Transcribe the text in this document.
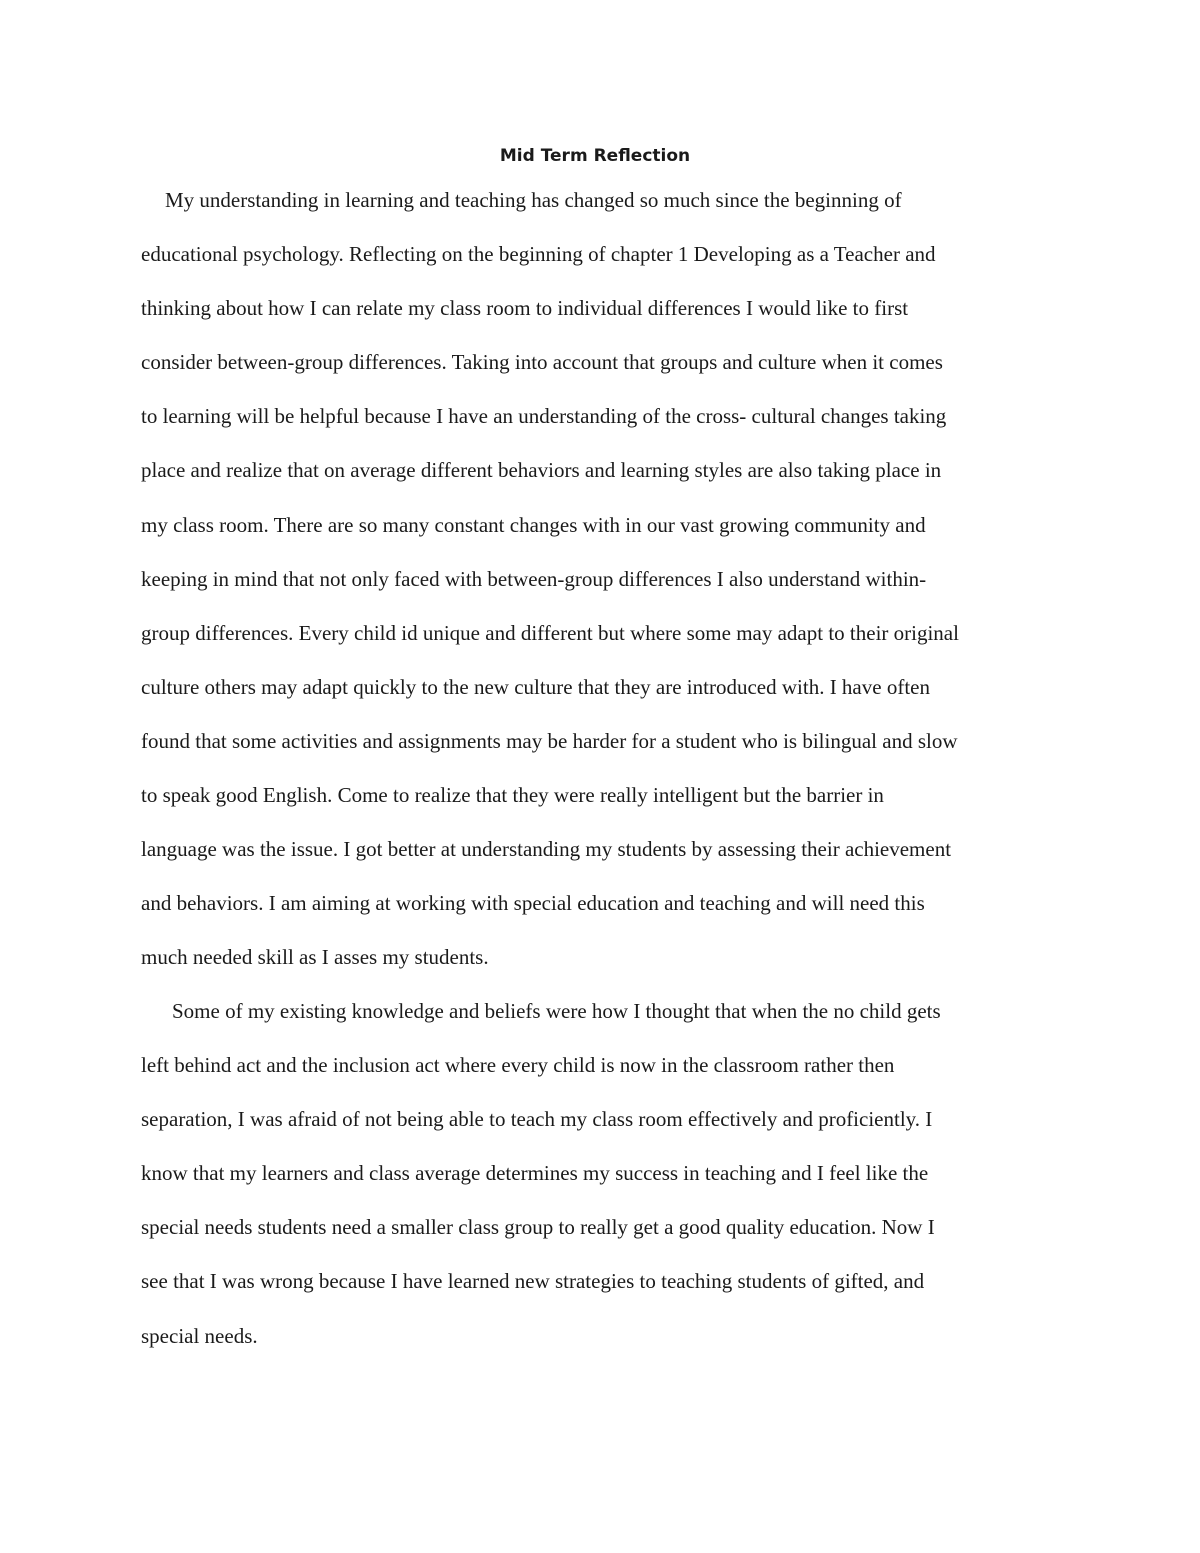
Mid Term Reflection
My understanding in learning and teaching has changed so much since the beginning of
educational psychology. Reflecting on the beginning of chapter 1 Developing as a Teacher and
thinking about how I can relate my class room to individual differences I would like to first
consider between-group differences. Taking into account that groups and culture when it comes
to learning will be helpful because I have an understanding of the cross- cultural changes taking
place and realize that on average different behaviors and learning styles are also taking place in
my class room. There are so many constant changes with in our vast growing community and
keeping in mind that not only faced with between-group differences I also understand within-
group differences. Every child id unique and different but where some may adapt to their original
culture others may adapt quickly to the new culture that they are introduced with. I have often
found that some activities and assignments may be harder for a student who is bilingual and slow
to speak good English. Come to realize that they were really intelligent but the barrier in
language was the issue. I got better at understanding my students by assessing their achievement
and behaviors. I am aiming at working with special education and teaching and will need this
much needed skill as I asses my students.
Some of my existing knowledge and beliefs were how I thought that when the no child gets
left behind act and the inclusion act where every child is now in the classroom rather then
separation, I was afraid of not being able to teach my class room effectively and proficiently. I
know that my learners and class average determines my success in teaching and I feel like the
special needs students need a smaller class group to really get a good quality education. Now I
see that I was wrong because I have learned new strategies to teaching students of gifted, and
special needs.
